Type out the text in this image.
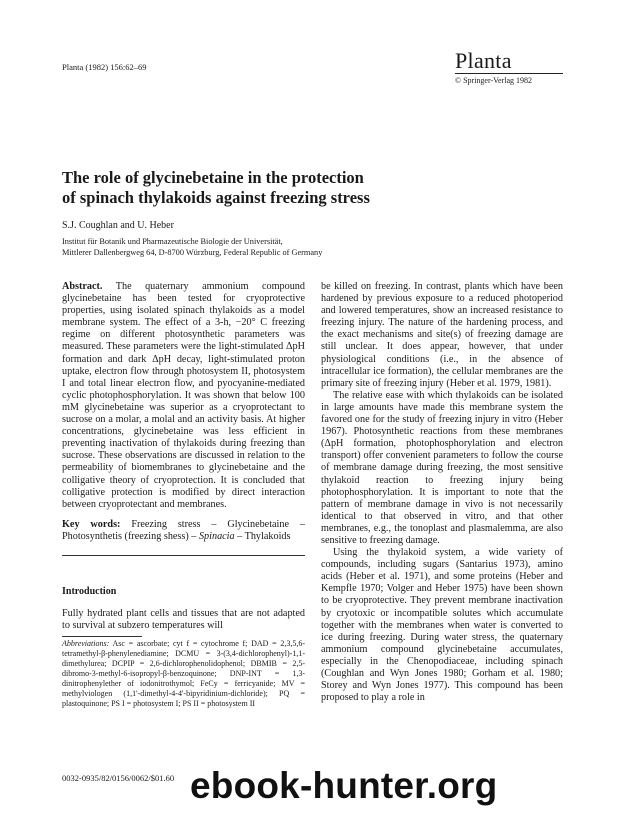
Planta (1982) 156:62–69	Planta
© Springer-Verlag 1982
The role of glycinebetaine in the protection
of spinach thylakoids against freezing stress
S.J. Coughlan and U. Heber
Institut für Botanik und Pharmazeutische Biologie der Universität,
Mittlerer Dallenbergweg 64, D-8700 Würzburg, Federal Republic of Germany

Abstract. The quaternary ammonium compound glycinebetaine has been tested for cryoprotective properties, using isolated spinach thylakoids as a model membrane system. The effect of a 3-h, −20° C freezing regime on different photosynthetic parameters was measured. These parameters were the light-stimulated ΔpH formation and dark ΔpH decay, light-stimulated proton uptake, electron flow through photosystem II, photosystem I and total linear electron flow, and pyocyanine-mediated cyclic photophosphorylation. It was shown that below 100 mM glycinebetaine was superior as a cryoprotectant to sucrose on a molar, a molal and an activity basis. At higher concentrations, glycinebetaine was less efficient in preventing inactivation of thylakoids during freezing than sucrose. These observations are discussed in relation to the permeability of biomembranes to glycinebetaine and the colligative theory of cryoprotection. It is concluded that colligative protection is modified by direct interaction between cryoprotectant and membranes.

Key words: Freezing stress – Glycinebetaine – Photosynthetis (freezing shess) – Spinacia – Thylakoids

Introduction

Fully hydrated plant cells and tissues that are not adapted to survival at subzero temperatures will

Abbreviations: Asc = ascorbate; cyt f = cytochrome f; DAD = 2,3,5,6-tetramethyl-β-phenylenediamine; DCMU = 3-(3,4-dichlorophenyl)-1,1-dimethylurea; DCPIP = 2,6-dichlorophenolidophenol; DBMIB = 2,5-dibromo-3-methyl-6-isopropyl-β-benzoquinone; DNP-INT = 1,3-dinitrophenylether of iodonitrothymol; FeCy = ferricyanide; MV = methylviologen (1,1'-dimethyl-4-4'-bipyridinium-dichloride); PQ = plastoquinone; PS I = photosystem I; PS II = photosystem II

be killed on freezing. In contrast, plants which have been hardened by previous exposure to a reduced photoperiod and lowered temperatures, show an increased resistance to freezing injury. The nature of the hardening process, and the exact mechanisms and site(s) of freezing damage are still unclear. It does appear, however, that under physiological conditions (i.e., in the absence of intracellular ice formation), the cellular membranes are the primary site of freezing injury (Heber et al. 1979, 1981).

The relative ease with which thylakoids can be isolated in large amounts have made this membrane system the favored one for the study of freezing injury in vitro (Heber 1967). Photosynthetic reactions from these membranes (ΔpH formation, photophosphorylation and electron transport) offer convenient parameters to follow the course of membrane damage during freezing, the most sensitive thylakoid reaction to freezing injury being photophosphorylation. It is important to note that the pattern of membrane damage in vivo is not necessarily identical to that observed in vitro, and that other membranes, e.g., the tonoplast and plasmalemma, are also sensitive to freezing damage.

Using the thylakoid system, a wide variety of compounds, including sugars (Santarius 1973), amino acids (Heber et al. 1971), and some proteins (Heber and Kempfle 1970; Volger and Heber 1975) have been shown to be cryoprotective. They prevent membrane inactivation by cryotoxic or incompatible solutes which accumulate together with the membranes when water is converted to ice during freezing. During water stress, the quaternary ammonium compound glycinebetaine accumulates, especially in the Chenopodiaceae, including spinach (Coughlan and Wyn Jones 1980; Gorham et al. 1980; Storey and Wyn Jones 1977). This compound has been proposed to play a role in

0032-0935/82/0156/0062/$01.60 ebook-hunter.org
